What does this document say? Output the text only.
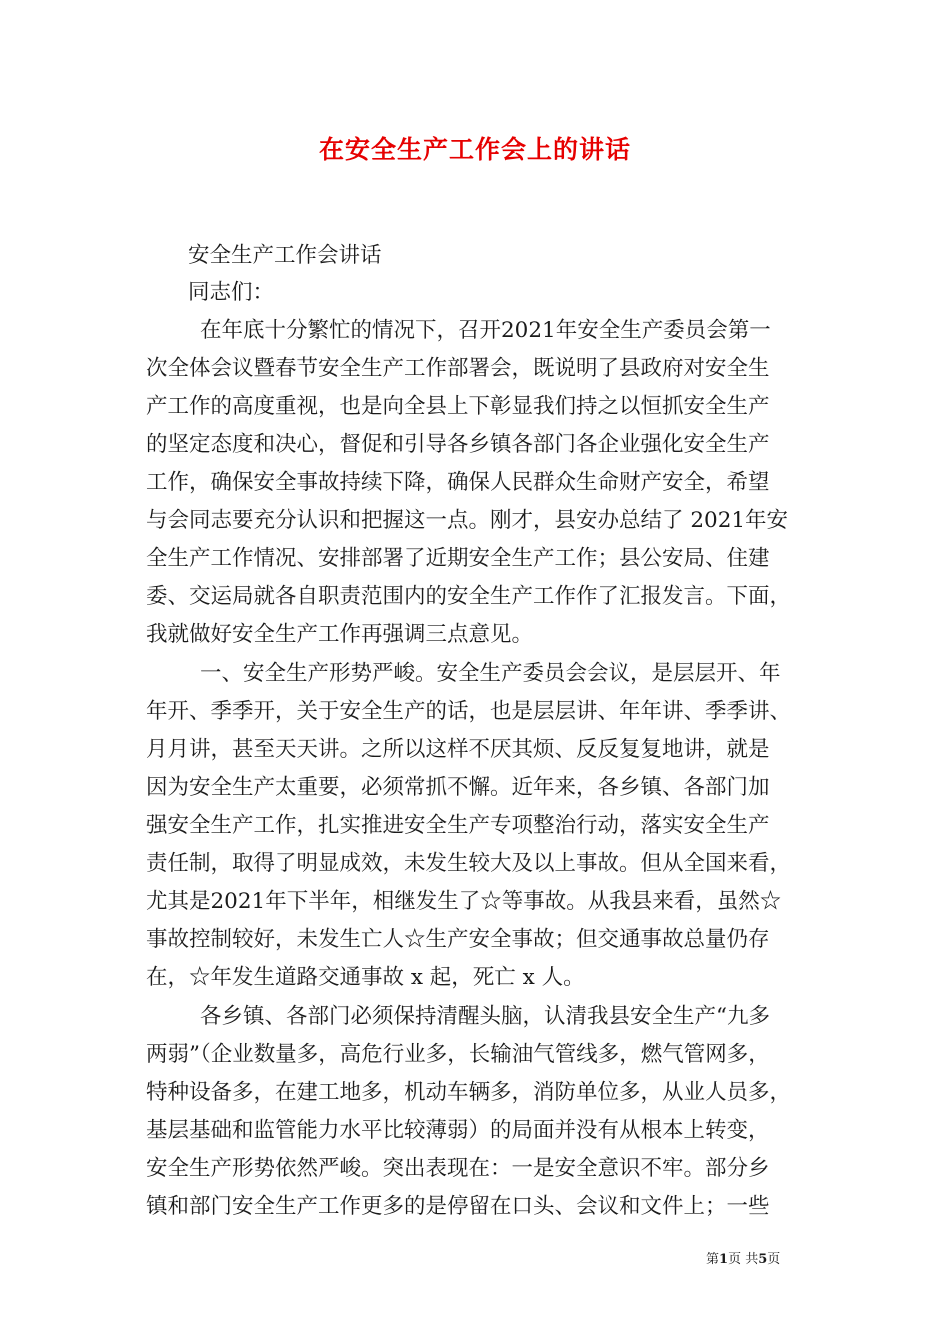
在安全生产工作会上的讲话
安全生产工作会讲话
同志们：
在年底十分繁忙的情况下，召开2021年安全生产委员会第一
次全体会议暨春节安全生产工作部署会，既说明了县政府对安全生
产工作的高度重视，也是向全县上下彰显我们持之以恒抓安全生产
的坚定态度和决心，督促和引导各乡镇各部门各企业强化安全生产
工作，确保安全事故持续下降，确保人民群众生命财产安全，希望
与会同志要充分认识和把握这一点。刚才，县安办总结了 2021年安
全生产工作情况、安排部署了近期安全生产工作；县公安局、住建
委、交运局就各自职责范围内的安全生产工作作了汇报发言。下面，
我就做好安全生产工作再强调三点意见。
一、安全生产形势严峻。安全生产委员会会议，是层层开、年
年开、季季开，关于安全生产的话，也是层层讲、年年讲、季季讲、
月月讲，甚至天天讲。之所以这样不厌其烦、反反复复地讲，就是
因为安全生产太重要，必须常抓不懈。近年来，各乡镇、各部门加
强安全生产工作，扎实推进安全生产专项整治行动，落实安全生产
责任制，取得了明显成效，未发生较大及以上事故。但从全国来看，
尤其是2021年下半年，相继发生了☆等事故。从我县来看，虽然☆
事故控制较好，未发生亡人☆生产安全事故；但交通事故总量仍存
在，☆年发生道路交通事故 x 起，死亡 x 人。
各乡镇、各部门必须保持清醒头脑，认清我县安全生产“九多
两弱”（企业数量多，高危行业多，长输油气管线多，燃气管网多，
特种设备多，在建工地多，机动车辆多，消防单位多，从业人员多，
基层基础和监管能力水平比较薄弱）的局面并没有从根本上转变，
安全生产形势依然严峻。突出表现在：一是安全意识不牢。部分乡
镇和部门安全生产工作更多的是停留在口头、会议和文件上；一些
第1页 共5页
